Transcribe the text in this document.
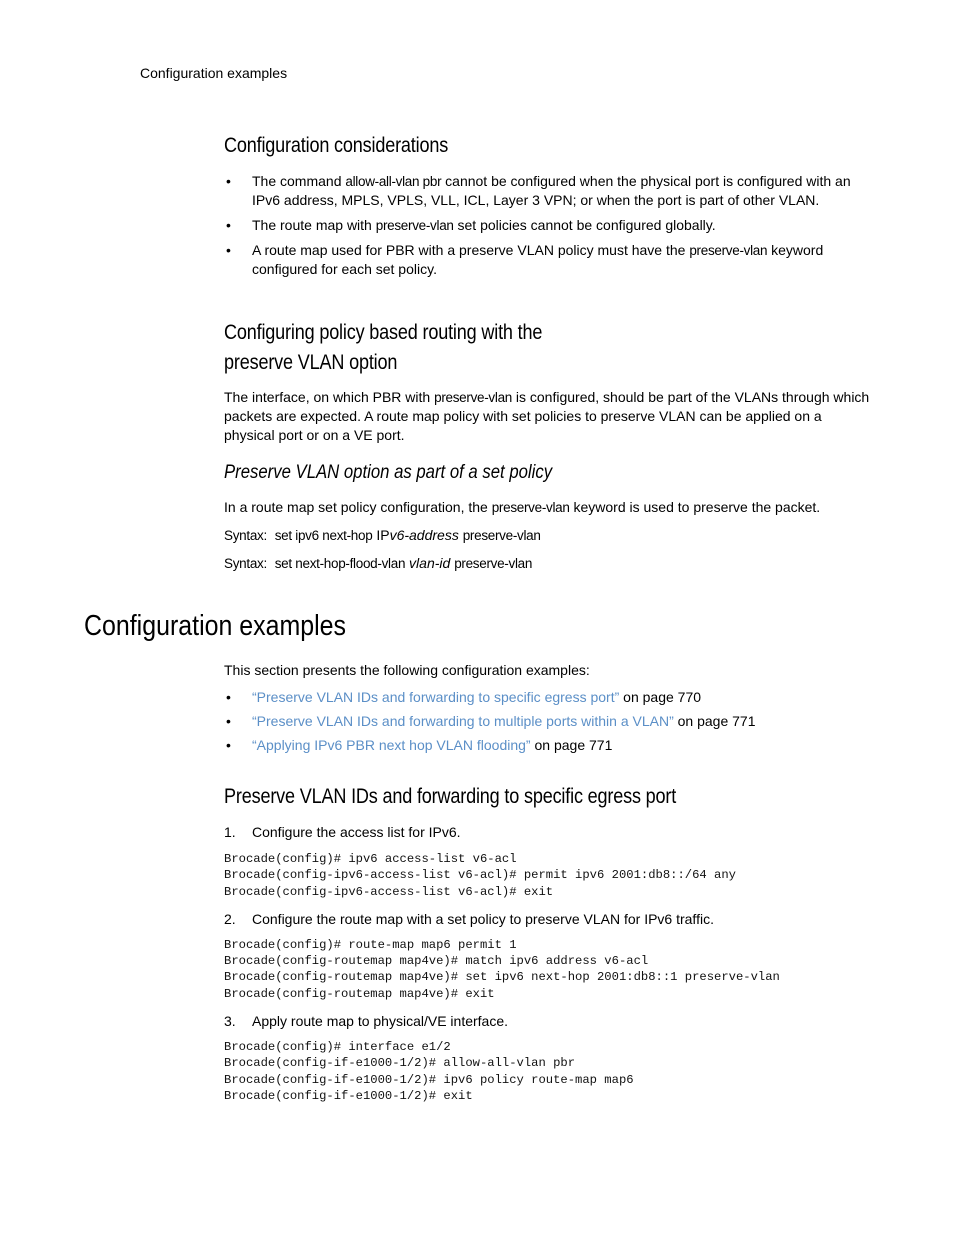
Configuration examples
Configuration considerations
• The command allow-all-vlan pbr cannot be configured when the physical port is configured with an IPv6 address, MPLS, VPLS, VLL, ICL, Layer 3 VPN; or when the port is part of other VLAN.
• The route map with preserve-vlan set policies cannot be configured globally.
• A route map used for PBR with a preserve VLAN policy must have the preserve-vlan keyword configured for each set policy.
Configuring policy based routing with the
preserve VLAN option

The interface, on which PBR with preserve-vlan is configured, should be part of the VLANs through which packets are expected. A route map policy with set policies to preserve VLAN can be applied on a physical port or on a VE port.

Preserve VLAN option as part of a set policy

In a route map set policy configuration, the preserve-vlan keyword is used to preserve the packet.

Syntax: set ipv6 next-hop IPv6-address preserve-vlan
Syntax: set next-hop-flood-vlan vlan-id preserve-vlan
Configuration examples

This section presents the following configuration examples:

• “Preserve VLAN IDs and forwarding to specific egress port” on page 770
• “Preserve VLAN IDs and forwarding to multiple ports within a VLAN” on page 771
• “Applying IPv6 PBR next hop VLAN flooding” on page 771
Preserve VLAN IDs and forwarding to specific egress port
1. Configure the access list for IPv6.
Brocade(config)# ipv6 access-list v6-acl
Brocade(config-ipv6-access-list v6-acl)# permit ipv6 2001:db8::/64 any
Brocade(config-ipv6-access-list v6-acl)# exit
2. Configure the route map with a set policy to preserve VLAN for IPv6 traffic.
Brocade(config)# route-map map6 permit 1
Brocade(config-routemap map4ve)# match ipv6 address v6-acl
Brocade(config-routemap map4ve)# set ipv6 next-hop 2001:db8::1 preserve-vlan
Brocade(config-routemap map4ve)# exit
3. Apply route map to physical/VE interface.
Brocade(config)# interface e1/2
Brocade(config-if-e1000-1/2)# allow-all-vlan pbr
Brocade(config-if-e1000-1/2)# ipv6 policy route-map map6
Brocade(config-if-e1000-1/2)# exit
